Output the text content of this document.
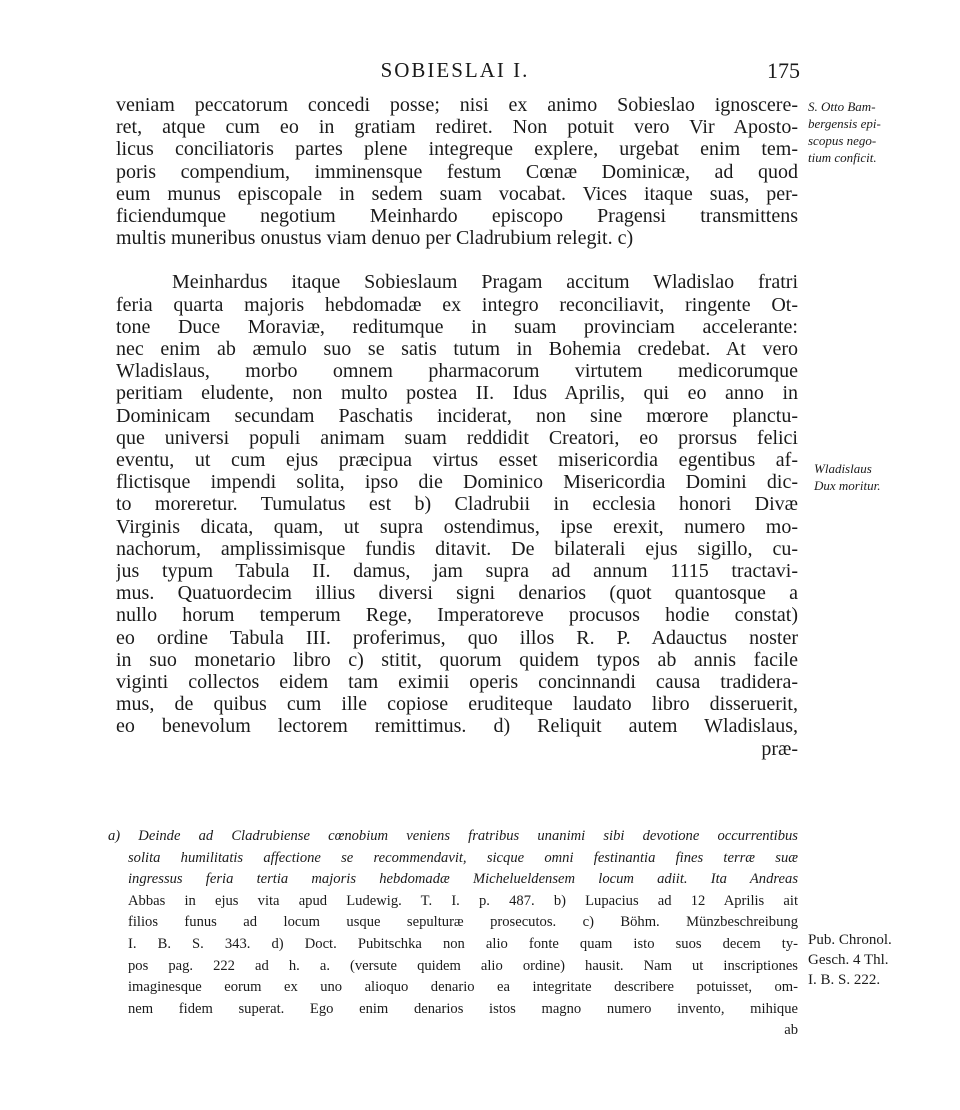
SOBIESLAI I.	175
veniam peccatorum concedi posse; nisi ex animo Sobieslao ignoscere-
ret, atque cum eo in gratiam rediret. Non potuit vero Vir Aposto-
licus conciliatoris partes plene integreque explere, urgebat enim tem-
poris compendium, imminensque festum Cœnæ Dominicæ, ad quod
eum munus episcopale in sedem suam vocabat. Vices itaque suas, per-
ficiendumque negotium Meinhardo episcopo Pragensi transmittens
multis muneribus onustus viam denuo per Cladrubium relegit. c)
Meinhardus itaque Sobieslaum Pragam accitum Wladislao fratri
feria quarta majoris hebdomadæ ex integro reconciliavit, ringente Ot-
tone Duce Moraviæ, reditumque in suam provinciam accelerante:
nec enim ab æmulo suo se satis tutum in Bohemia credebat. At vero
Wladislaus, morbo omnem pharmacorum virtutem medicorumque
peritiam eludente, non multo postea II. Idus Aprilis, qui eo anno in
Dominicam secundam Paschatis inciderat, non sine mœrore planctu-
que universi populi animam suam reddidit Creatori, eo prorsus felici
eventu, ut cum ejus præcipua virtus esset misericordia egentibus af-
flictisque impendi solita, ipso die Dominico Misericordia Domini dic-
to moreretur. Tumulatus est b) Cladrubii in ecclesia honori Divæ
Virginis dicata, quam, ut supra ostendimus, ipse erexit, numero mo-
nachorum, amplissimisque fundis ditavit. De bilaterali ejus sigillo, cu-
jus typum Tabula II. damus, jam supra ad annum 1115 tractavi-
mus. Quatuordecim illius diversi signi denarios (quot quantosque a
nullo horum temperum Rege, Imperatoreve procusos hodie constat)
eo ordine Tabula III. proferimus, quo illos R. P. Adauctus noster
in suo monetario libro c) stitit, quorum quidem typos ab annis facile
viginti collectos eidem tam eximii operis concinnandi causa tradidera-
mus, de quibus cum ille copiose eruditeque laudato libro disseruerit,
eo benevolum lectorem remittimus. d) Reliquit autem Wladislaus,
præ-
a) Deinde ad Cladrubiense cœnobium veniens fratribus unanimi sibi devotione occurrentibus
solita humilitatis affectione se recommendavit, sicque omni festinantia fines terræ suæ
ingressus feria tertia majoris hebdomadæ Michelueldensem locum adiit. Ita Andreas
Abbas in ejus vita apud Ludewig. T. I. p. 487. b) Lupacius ad 12 Aprilis ait
filios funus ad locum usque sepulturæ prosecutos. c) Böhm. Münzbeschreibung
I. B. S. 343. d) Doct. Pubitschka non alio fonte quam isto suos decem ty-
pos pag. 222 ad h. a. (versute quidem alio ordine) hausit. Nam ut inscriptiones
imaginesque eorum ex uno alioquo denario ea integritate describere potuisset, om-
nem fidem superat. Ego enim denarios istos magno numero invento, mihique
ab
S. Otto Bam-
bergensis epi-
scopus nego-
tium conficit.
Wladislaus
Dux moritur.
Pub. Chronol.
Gesch. 4 Thl.
I. B. S. 222.
